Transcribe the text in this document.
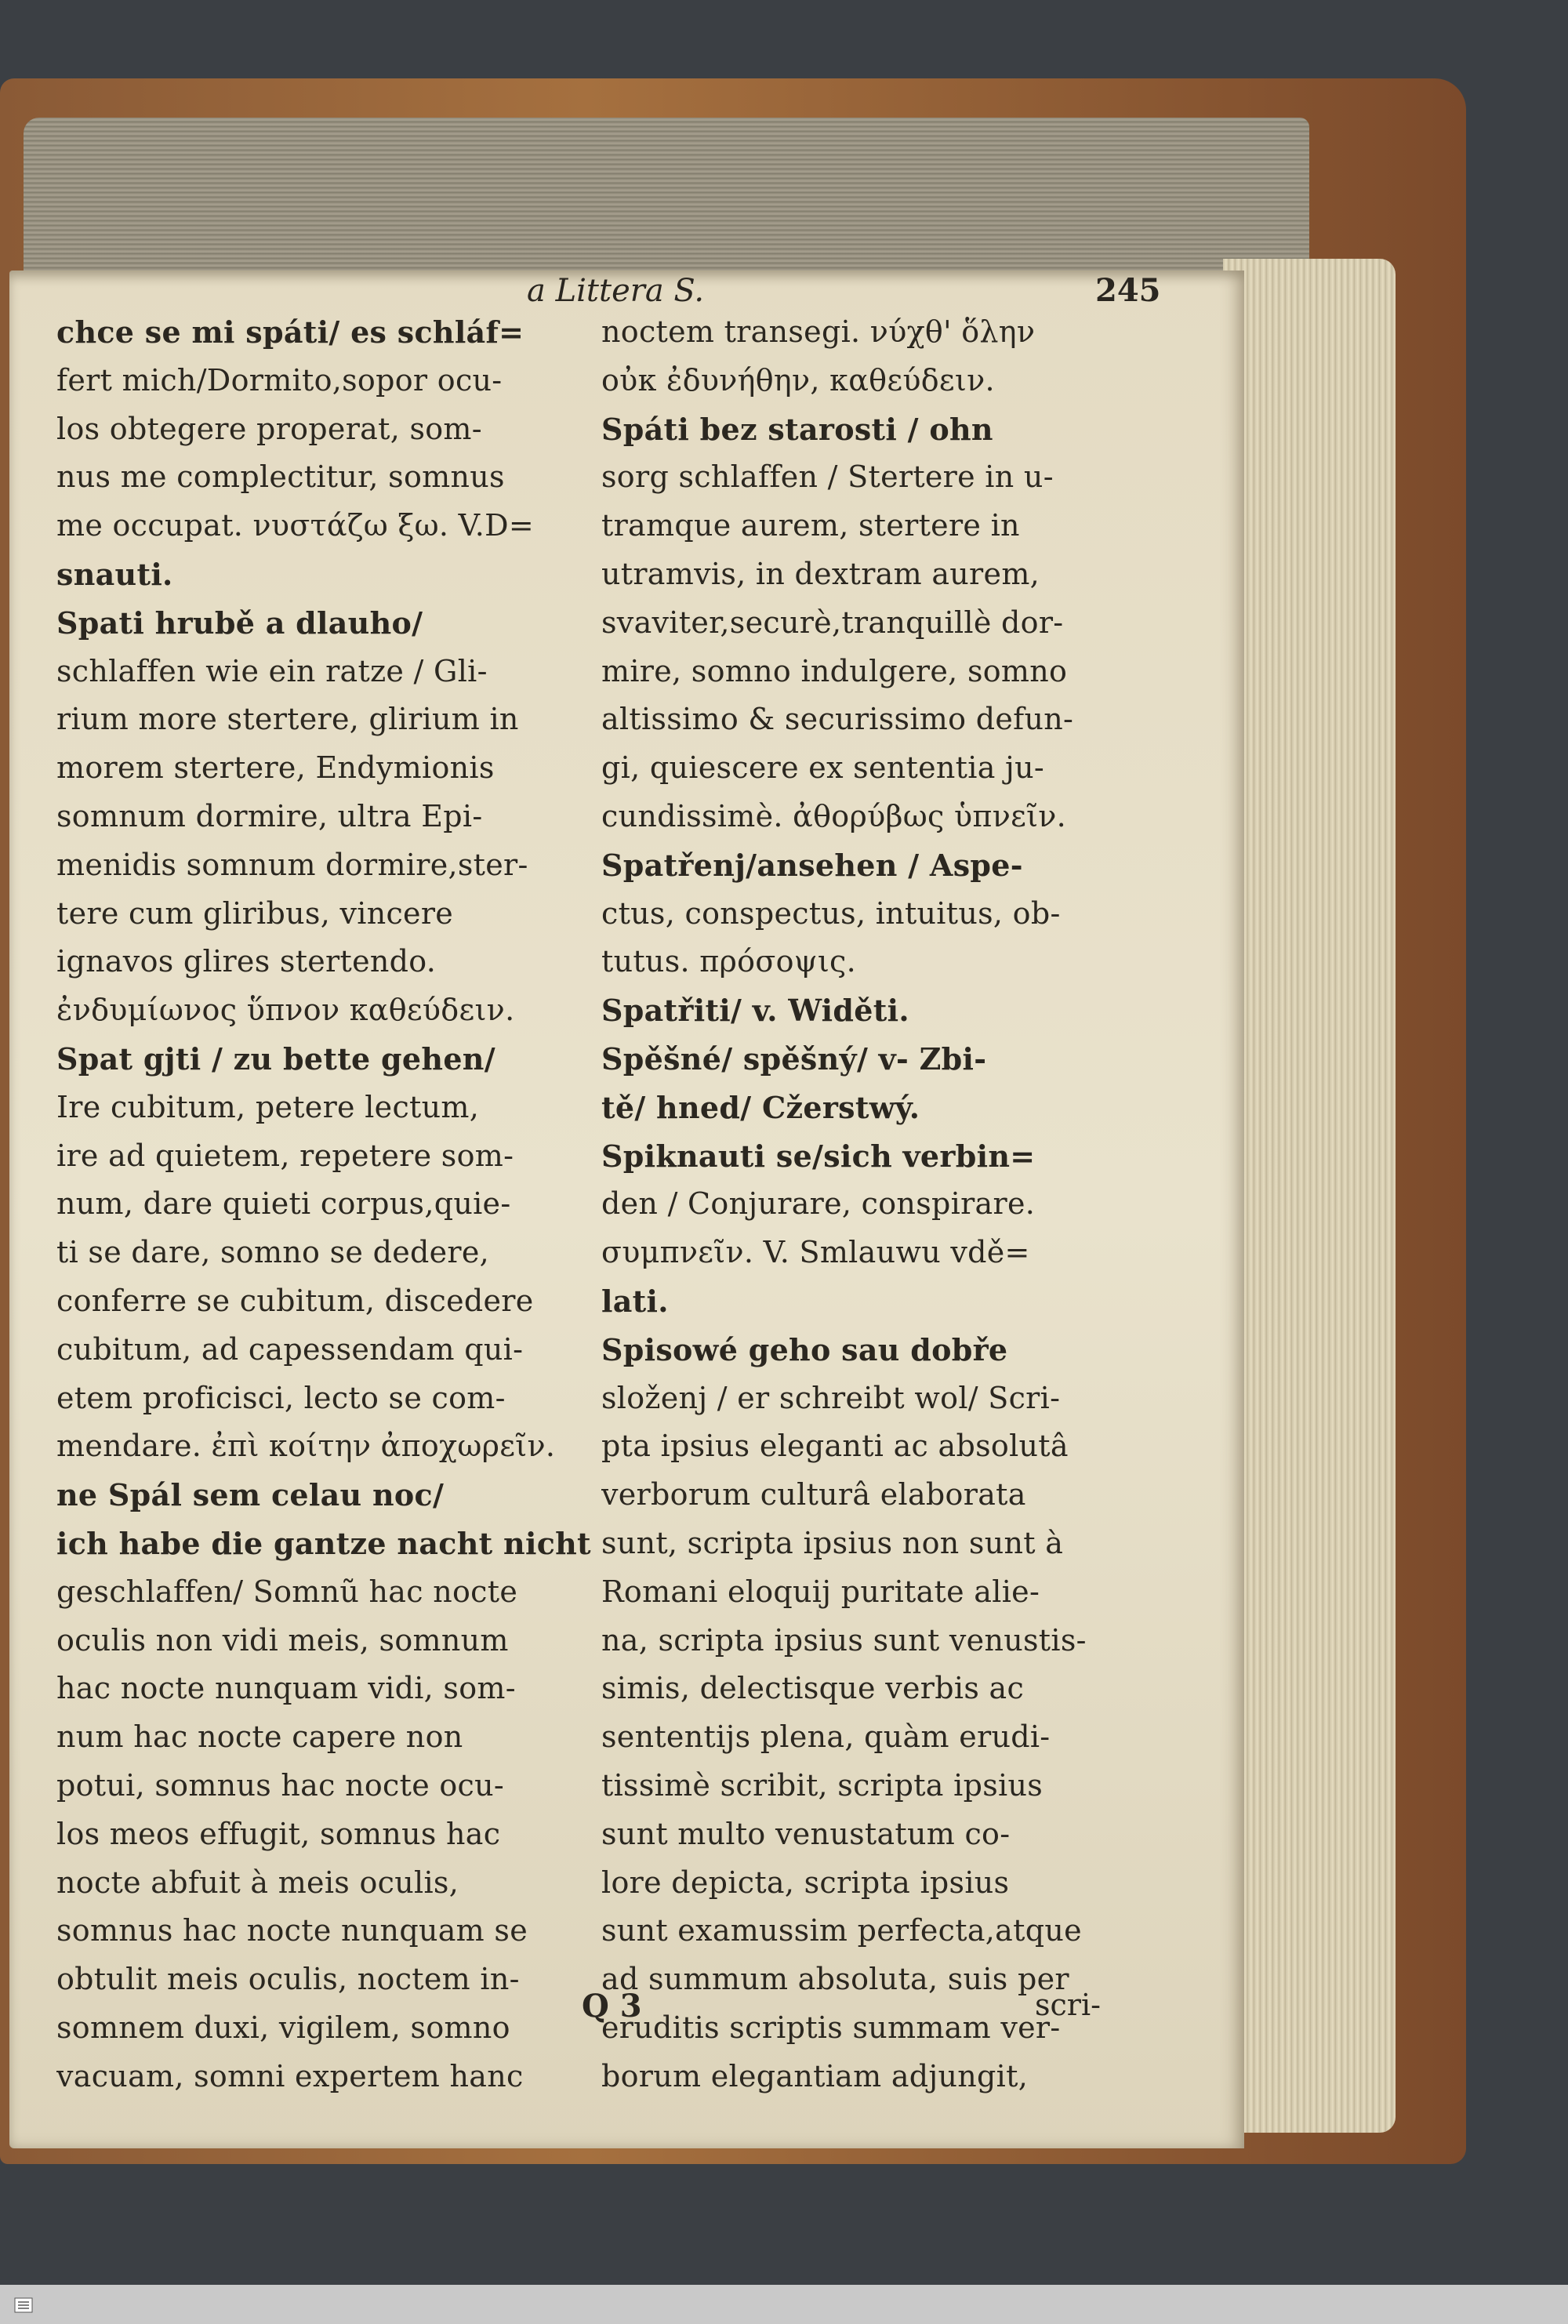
a Littera S.	245
chce se mi spáti/ es schláf=
fert mich/Dormito,sopor ocu-
los obtegere properat, som-
nus me complectitur, somnus
me occupat. νυστάζω ξω. V.D=
snauti.
Spati hrubě a dlauho/
schlaffen wie ein ratze / Gli-
rium more stertere, glirium in
morem stertere, Endymionis
somnum dormire, ultra Epi-
menidis somnum dormire,ster-
tere cum gliribus, vincere
ignavos glires stertendo.
ἐνδυμίωνος ὕπνον καθεύδειν.
Spat gjti / zu bette gehen/
Ire cubitum, petere lectum,
ire ad quietem, repetere som-
num, dare quieti corpus,quie-
ti se dare, somno se dedere,
conferre se cubitum, discedere
cubitum, ad capessendam qui-
etem proficisci, lecto se com-
mendare. ἐπὶ κοίτην ἀποχωρεῖν.
ne Spál sem celau noc/
ich habe die gantze nacht nicht
geschlaffen/ Somnũ hac nocte
oculis non vidi meis, somnum
hac nocte nunquam vidi, som-
num hac nocte capere non
potui, somnus hac nocte ocu-
los meos effugit, somnus hac
nocte abfuit à meis oculis,
somnus hac nocte nunquam se
obtulit meis oculis, noctem in-
somnem duxi, vigilem, somno
vacuam, somni expertem hanc
noctem transegi. νύχθ' ὅλην
οὐκ ἐδυνήθην, καθεύδειν.
Spáti bez starosti / ohn
sorg schlaffen / Stertere in u-
tramque aurem, stertere in
utramvis, in dextram aurem,
svaviter,securè,tranquillè dor-
mire, somno indulgere, somno
altissimo & securissimo defun-
gi, quiescere ex sententia ju-
cundissimè. ἀθορύβως ὑπνεῖν.
Spatřenj/ansehen / Aspe-
ctus, conspectus, intuitus, ob-
tutus. πρόσοψις.
Spatřiti/ v. Widěti.
Spěšné/ spěšný/ v- Zbi-
tě/ hned/ Cžerstwý.
Spiknauti se/sich verbin=
den / Conjurare, conspirare.
συμπνεῖν. V. Smlauwu vdě=
lati.
Spisowé geho sau dobře
složenj / er schreibt wol/ Scri-
pta ipsius eleganti ac absolutâ
verborum culturâ elaborata
sunt, scripta ipsius non sunt à
Romani eloquij puritate alie-
na, scripta ipsius sunt venustis-
simis, delectisque verbis ac
sententijs plena, quàm erudi-
tissimè scribit, scripta ipsius
sunt multo venustatum co-
lore depicta, scripta ipsius
sunt examussim perfecta,atque
ad summum absoluta, suis per
eruditis scriptis summam ver-
borum elegantiam adjungit,
Q 3	scri-
